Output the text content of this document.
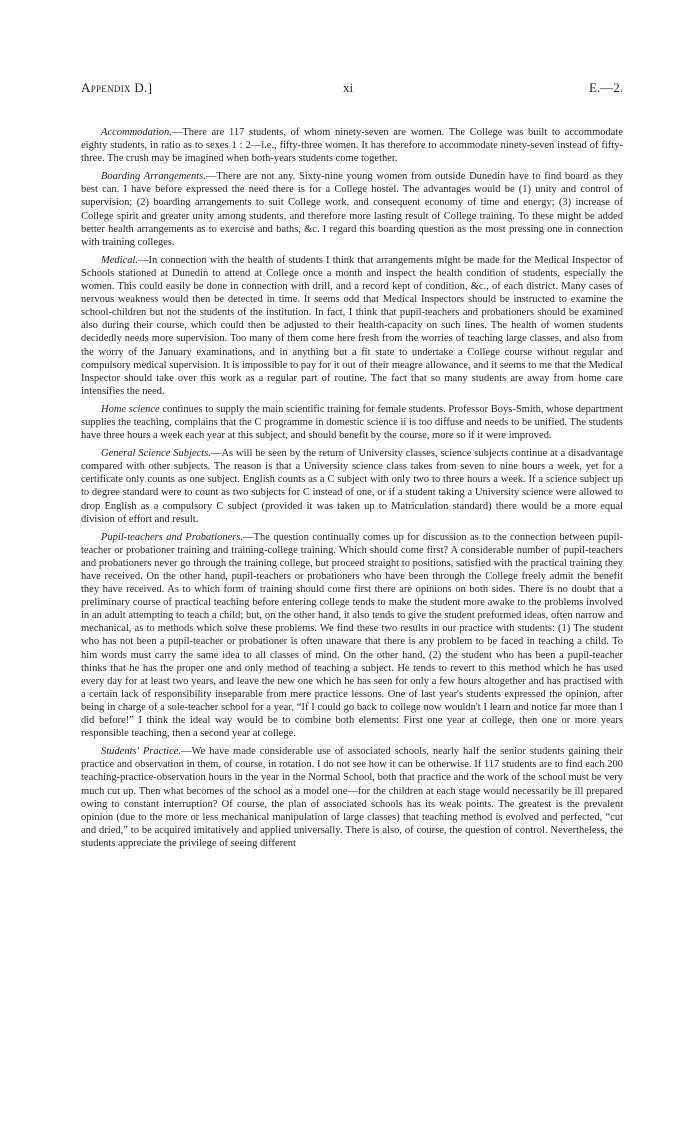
Appendix D.]	xi	E.—2.

Accommodation.—There are 117 students, of whom ninety-seven are women. The College was built to accommodate eighty students, in ratio as to sexes 1 : 2—i.e., fifty-three women. It has therefore to accommodate ninety-seven instead of fifty-three. The crush may be imagined when both-years students come together.

Boarding Arrangements.—There are not any. Sixty-nine young women from outside Dunedin have to find board as they best can. I have before expressed the need there is for a College hostel. The advantages would be (1) unity and control of supervision; (2) boarding arrangements to suit College work, and consequent economy of time and energy; (3) increase of College spirit and greater unity among students, and therefore more lasting result of College training. To these might be added better health arrangements as to exercise and baths, &c. I regard this boarding question as the most pressing one in connection with training colleges.

Medical.—In connection with the health of students I think that arrangements might be made for the Medical Inspector of Schools stationed at Dunedin to attend at College once a month and inspect the health condition of students, especially the women. This could easily be done in connection with drill, and a record kept of condition, &c., of each district. Many cases of nervous weakness would then be detected in time. It seems odd that Medical Inspectors should be instructed to examine the school-children but not the students of the institution. In fact, I think that pupil-teachers and probationers should be examined also during their course, which could then be adjusted to their health-capacity on such lines. The health of women students decidedly needs more supervision. Too many of them come here fresh from the worries of teaching large classes, and also from the worry of the January examinations, and in anything but a fit state to undertake a College course without regular and compulsory medical supervision. It is impossible to pay for it out of their meagre allowance, and it seems to me that the Medical Inspector should take over this work as a regular part of routine. The fact that so many students are away from home care intensifies the need.

Home science continues to supply the main scientific training for female students. Professor Boys-Smith, whose department supplies the teaching, complains that the C programme in domestic science ii is too diffuse and needs to be unified. The students have three hours a week each year at this subject, and should benefit by the course, more so if it were improved.

General Science Subjects.—As will be seen by the return of University classes, science subjects continue at a disadvantage compared with other subjects. The reason is that a University science class takes from seven to nine hours a week, yet for a certificate only counts as one subject. English counts as a C subject with only two to three hours a week. If a science subject up to degree standard were to count as two subjects for C instead of one, or if a student taking a University science were allowed to drop English as a compulsory C subject (provided it was taken up to Matriculation standard) there would be a more equal division of effort and result.

Pupil-teachers and Probationers.—The question continually comes up for discussion as to the connection between pupil-teacher or probationer training and training-college training. Which should come first? A considerable number of pupil-teachers and probationers never go through the training college, but proceed straight to positions, satisfied with the practical training they have received. On the other hand, pupil-teachers or probationers who have been through the College freely admit the benefit they have received. As to which form of training should come first there are opinions on both sides. There is no doubt that a preliminary course of practical teaching before entering college tends to make the student more awake to the problems involved in an adult attempting to teach a child; but, on the other hand, it also tends to give the student preformed ideas, often narrow and mechanical, as to methods which solve these problems. We find these two results in our practice with students: (1) The student who has not been a pupil-teacher or probationer is often unaware that there is any problem to be faced in teaching a child. To him words must carry the same idea to all classes of mind. On the other hand, (2) the student who has been a pupil-teacher thinks that he has the proper one and only method of teaching a subject. He tends to revert to this method which he has used every day for at least two years, and leave the new one which he has seen for only a few hours altogether and has practised with a certain lack of responsibility inseparable from mere practice lessons. One of last year's students expressed the opinion, after being in charge of a sole-teacher school for a year, “If I could go back to college now wouldn't I learn and notice far more than I did before!” I think the ideal way would be to combine both elements: First one year at college, then one or more years responsible teaching, then a second year at college.

Students' Practice.—We have made considerable use of associated schools, nearly half the senior students gaining their practice and observation in them, of course, in rotation. I do not see how it can be otherwise. If 117 students are to find each 200 teaching-practice-observation hours in the year in the Normal School, both that practice and the work of the school must be very much cut up. Then what becomes of the school as a model one—for the children at each stage would necessarily be ill prepared owing to constant interruption? Of course, the plan of associated schools has its weak points. The greatest is the prevalent opinion (due to the more or less mechanical manipulation of large classes) that teaching method is evolved and perfected, “cut and dried,” to be acquired imitatively and applied universally. There is also, of course, the question of control. Nevertheless, the students appreciate the privilege of seeing different
